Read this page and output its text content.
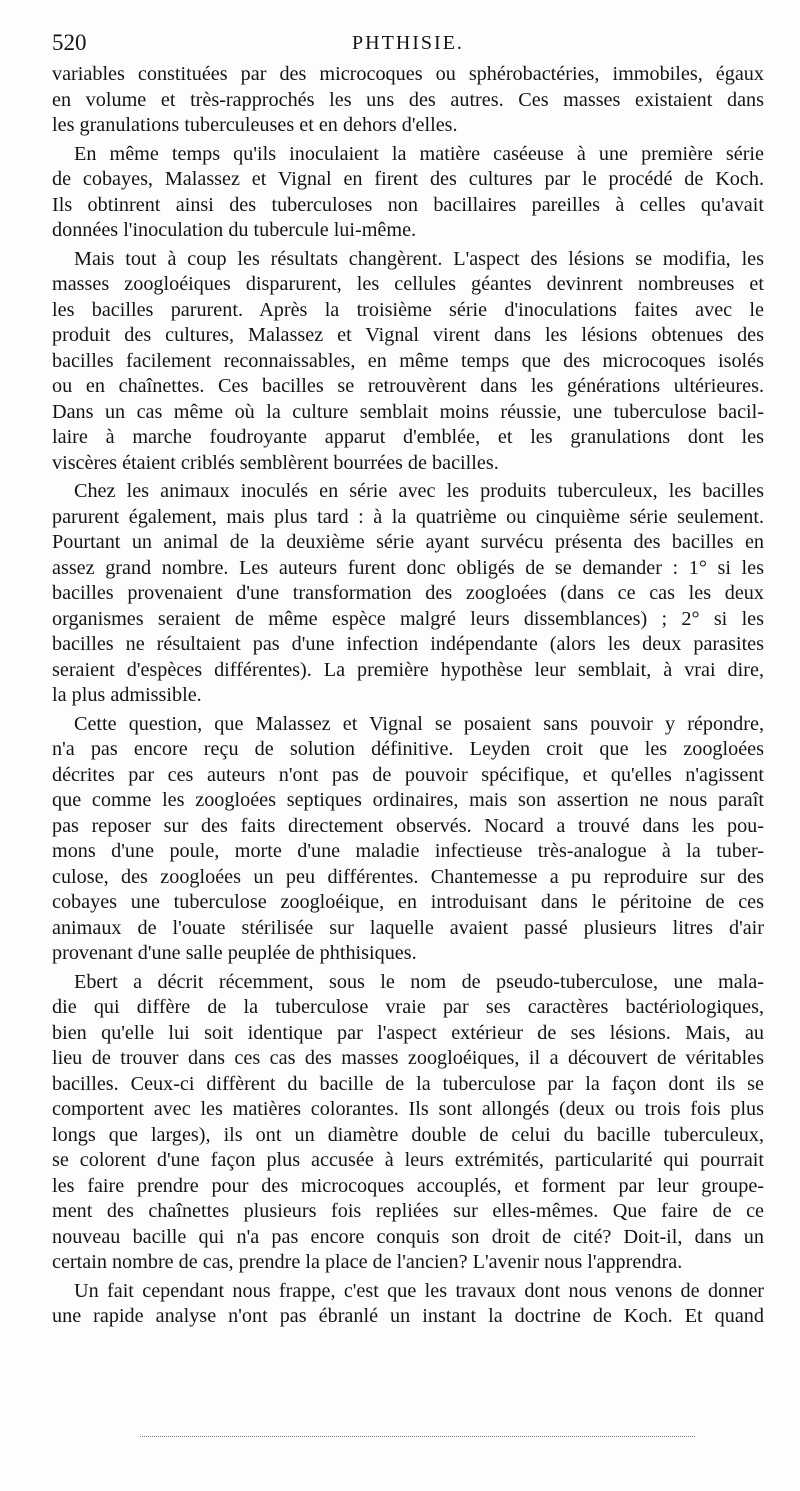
520	PHTHISIE.
variables constituées par des microcoques ou sphérobactéries, immobiles, égaux
en volume et très-rapprochés les uns des autres. Ces masses existaient dans
les granulations tuberculeuses et en dehors d'elles.
En même temps qu'ils inoculaient la matière caséeuse à une première série
de cobayes, Malassez et Vignal en firent des cultures par le procédé de Koch.
Ils obtinrent ainsi des tuberculoses non bacillaires pareilles à celles qu'avait
données l'inoculation du tubercule lui-même.
Mais tout à coup les résultats changèrent. L'aspect des lésions se modifia, les
masses zoogloéiques disparurent, les cellules géantes devinrent nombreuses et
les bacilles parurent. Après la troisième série d'inoculations faites avec le
produit des cultures, Malassez et Vignal virent dans les lésions obtenues des
bacilles facilement reconnaissables, en même temps que des microcoques isolés
ou en chaînettes. Ces bacilles se retrouvèrent dans les générations ultérieures.
Dans un cas même où la culture semblait moins réussie, une tuberculose bacil-
laire à marche foudroyante apparut d'emblée, et les granulations dont les
viscères étaient criblés semblèrent bourrées de bacilles.
Chez les animaux inoculés en série avec les produits tuberculeux, les bacilles
parurent également, mais plus tard : à la quatrième ou cinquième série seulement.
Pourtant un animal de la deuxième série ayant survécu présenta des bacilles en
assez grand nombre. Les auteurs furent donc obligés de se demander : 1° si les
bacilles provenaient d'une transformation des zoogloées (dans ce cas les deux
organismes seraient de même espèce malgré leurs dissemblances) ; 2° si les
bacilles ne résultaient pas d'une infection indépendante (alors les deux parasites
seraient d'espèces différentes). La première hypothèse leur semblait, à vrai dire,
la plus admissible.
Cette question, que Malassez et Vignal se posaient sans pouvoir y répondre,
n'a pas encore reçu de solution définitive. Leyden croit que les zoogloées
décrites par ces auteurs n'ont pas de pouvoir spécifique, et qu'elles n'agissent
que comme les zoogloées septiques ordinaires, mais son assertion ne nous paraît
pas reposer sur des faits directement observés. Nocard a trouvé dans les pou-
mons d'une poule, morte d'une maladie infectieuse très-analogue à la tuber-
culose, des zoogloées un peu différentes. Chantemesse a pu reproduire sur des
cobayes une tuberculose zoogloéique, en introduisant dans le péritoine de ces
animaux de l'ouate stérilisée sur laquelle avaient passé plusieurs litres d'air
provenant d'une salle peuplée de phthisiques.
Ebert a décrit récemment, sous le nom de pseudo-tuberculose, une mala-
die qui diffère de la tuberculose vraie par ses caractères bactériologiques,
bien qu'elle lui soit identique par l'aspect extérieur de ses lésions. Mais, au
lieu de trouver dans ces cas des masses zoogloéiques, il a découvert de véritables
bacilles. Ceux-ci diffèrent du bacille de la tuberculose par la façon dont ils se
comportent avec les matières colorantes. Ils sont allongés (deux ou trois fois plus
longs que larges), ils ont un diamètre double de celui du bacille tuberculeux,
se colorent d'une façon plus accusée à leurs extrémités, particularité qui pourrait
les faire prendre pour des microcoques accouplés, et forment par leur groupe-
ment des chaînettes plusieurs fois repliées sur elles-mêmes. Que faire de ce
nouveau bacille qui n'a pas encore conquis son droit de cité? Doit-il, dans un
certain nombre de cas, prendre la place de l'ancien? L'avenir nous l'apprendra.
Un fait cependant nous frappe, c'est que les travaux dont nous venons de donner
une rapide analyse n'ont pas ébranlé un instant la doctrine de Koch. Et quand
